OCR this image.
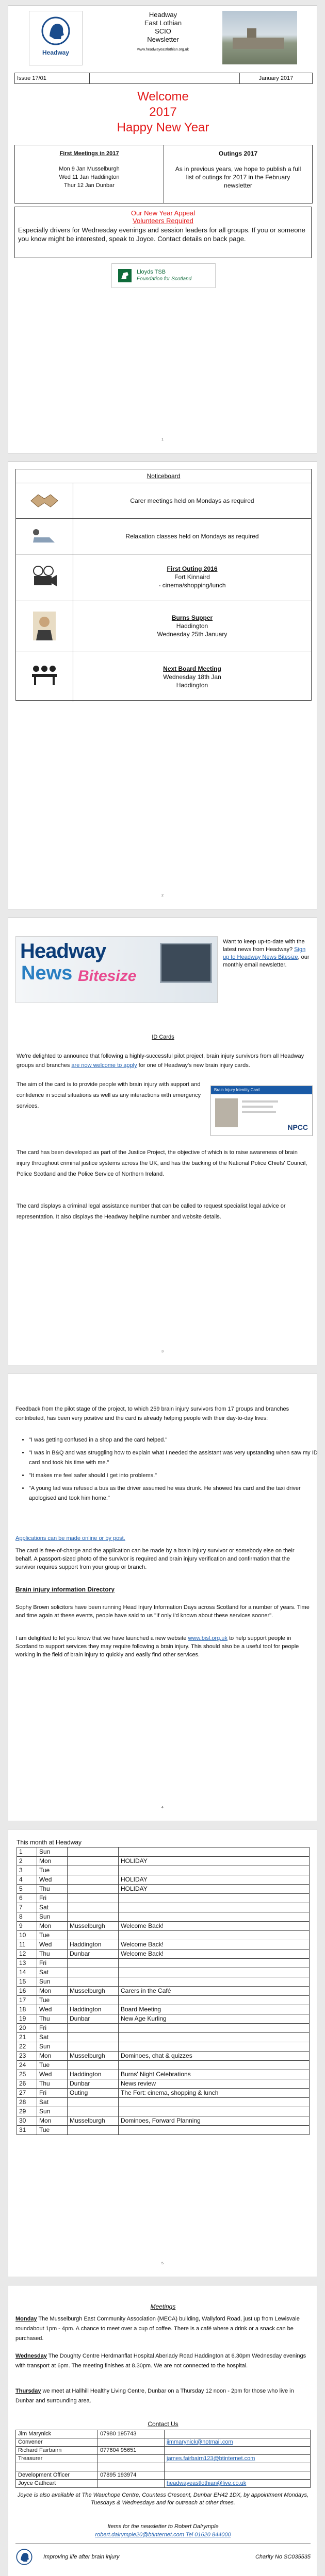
Headway
Headway
East Lothian
SCIO
Newsletter
www.headwayeastlothian.org.uk
Issue 17/01	January 2017
Welcome
2017
Happy New Year
First Meetings in 2017
Mon 9 Jan Musselburgh
Wed 11 Jan Haddington
Thur 12 Jan Dunbar
Outings 2017
As in previous years, we hope to publish a full list of outings for 2017 in the February newsletter
Our New Year Appeal
Volunteers Required
Especially drivers for Wednesday evenings and session leaders for all groups. If you or someone you know might be interested, speak to Joyce. Contact details on back page.
Lloyds TSB
Foundation for Scotland
1
Noticeboard
Carer meetings held on Mondays as required
Relaxation classes held on Mondays as required
First Outing 2016
Fort Kinnaird
- cinema/shopping/lunch
Burns Supper
Haddington
Wednesday 25th January
Next Board Meeting
Wednesday 18th Jan
Haddington
2
Headway
News Bitesize
Want to keep up-to-date with the latest news from Headway? Sign up to Headway News Bitesize, our monthly email newsletter.
ID Cards
We're delighted to announce that following a highly-successful pilot project, brain injury survivors from all Headway groups and branches are now welcome to apply for one of Headway's new brain injury cards.
The aim of the card is to provide people with brain injury with support and confidence in social situations as well as any interactions with emergency services.
Brain Injury Identity Card
NPCC
The card has been developed as part of the Justice Project, the objective of which is to raise awareness of brain injury throughout criminal justice systems across the UK, and has the backing of the National Police Chiefs' Council, Police Scotland and the Police Service of Northern Ireland.
The card displays a criminal legal assistance number that can be called to request specialist legal advice or representation. It also displays the Headway helpline number and website details.
3
Feedback from the pilot stage of the project, to which 259 brain injury survivors from 17 groups and branches contributed, has been very positive and the card is already helping people with their day-to-day lives:
• "I was getting confused in a shop and the card helped."
• "I was in B&Q and was struggling how to explain what I needed the assistant was very upstanding when saw my ID card and took his time with me."
• "It makes me feel safer should I get into problems."
• "A young lad was refused a bus as the driver assumed he was drunk. He showed his card and the taxi driver apologised and took him home."
Applications can be made online or by post.
The card is free-of-charge and the application can be made by a brain injury survivor or somebody else on their behalf. A passport-sized photo of the survivor is required and brain injury verification and confirmation that the survivor requires support from your group or branch.
Brain injury information Directory
Sophy Brown solicitors have been running Head Injury Information Days across Scotland for a number of years. Time and time again at these events, people have said to us "If only I'd known about these services sooner".
I am delighted to let you know that we have launched a new website www.bisl.org.uk to help support people in Scotland to support services they may require following a brain injury. This should also be a useful tool for people working in the field of brain injury to quickly and easily find other services.
4
This month at Headway
1	Sun		
2	Mon		HOLIDAY
3	Tue		
4	Wed		HOLIDAY
5	Thu		HOLIDAY
6	Fri		
7	Sat		
8	Sun		
9	Mon	Musselburgh	Welcome Back!
10	Tue		
11	Wed	Haddington	Welcome Back!
12	Thu	Dunbar	Welcome Back!
13	Fri		
14	Sat		
15	Sun		
16	Mon	Musselburgh	Carers in the Café
17	Tue		
18	Wed	Haddington	Board Meeting
19	Thu	Dunbar	New Age Kurling
20	Fri		
21	Sat		
22	Sun		
23	Mon	Musselburgh	Dominoes, chat & quizzes
24	Tue		
25	Wed	Haddington	Burns' Night Celebrations
26	Thu	Dunbar	News review
27	Fri	Outing	The Fort: cinema, shopping & lunch
28	Sat		
29	Sun		
30	Mon	Musselburgh	Dominoes, Forward Planning
31	Tue		
5
Meetings
Monday The Musselburgh East Community Association (MECA) building, Wallyford Road, just up from Lewisvale roundabout 1pm - 4pm. A chance to meet over a cup of coffee. There is a café where a drink or a snack can be purchased.
Wednesday The Doughty Centre Herdmanflat Hospital Aberlady Road Haddington at 6.30pm Wednesday evenings with transport at 6pm. The meeting finishes at 8.30pm. We are not connected to the hospital.
Thursday we meet at Hallhill Healthy Living Centre, Dunbar on a Thursday 12 noon - 2pm for those who live in Dunbar and surrounding area.
Contact Us
Jim Marynick	07980 195743	
Convener		jimmarynick@hotmail.com
Richard Fairbairn	077604 95651	
Treasurer		james.fairbairn123@btinternet.com

Development Officer	07895 193974	
Joyce Cathcart		headwayeastlothian@live.co.uk
Joyce is also available at The Wauchope Centre, Countess Crescent, Dunbar EH42 1DX, by appointment Mondays, Tuesdays & Wednesdays and for outreach at other times.
Items for the newsletter to Robert Dalrymple
robert.dalrymple20@btinternet.com Tel 01620 844000
Improving life after brain injury	Charity No SC035535
